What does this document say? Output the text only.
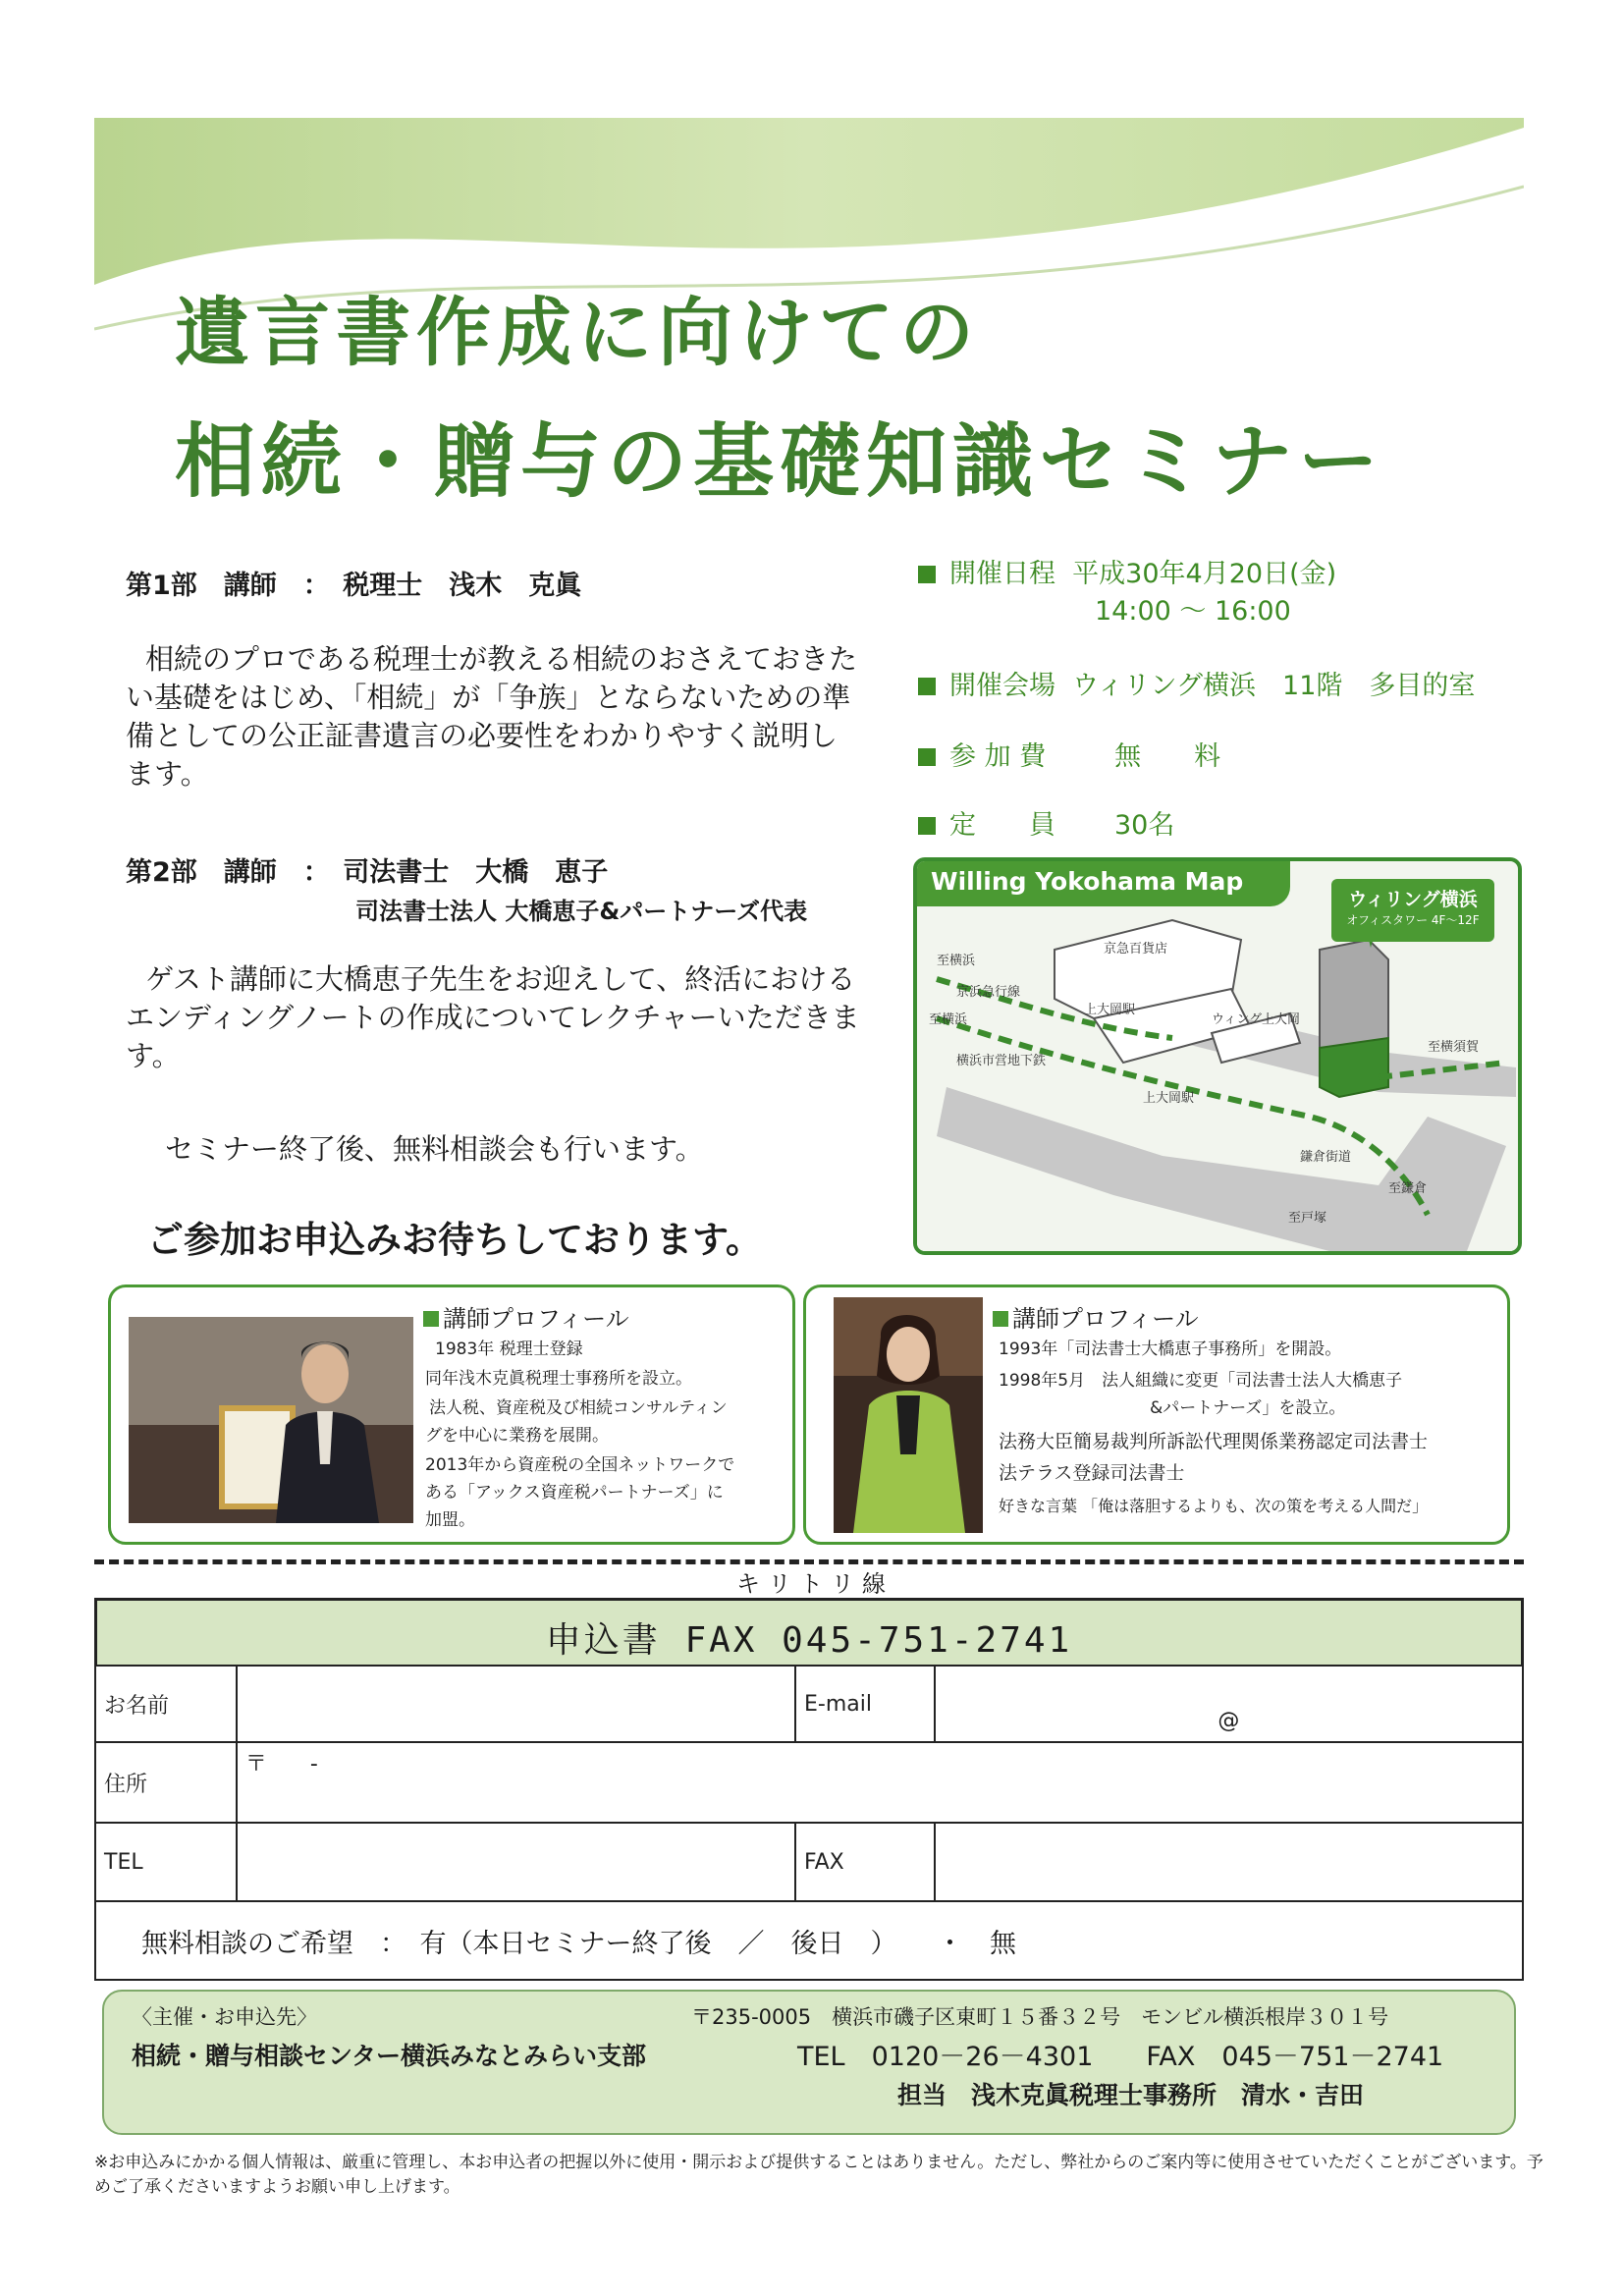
遺言書作成に向けての
相続・贈与の基礎知識セミナー
第1部　講師　：　税理士　浅木　克眞
相続のプロである税理士が教える相続のおさえておきたい基礎をはじめ、「相続」が「争族」とならないための準備としての公正証書遺言の必要性をわかりやすく説明します。
第2部　講師　：　司法書士　大橋　恵子
司法書士法人 大橋恵子&パートナーズ代表
ゲスト講師に大橋恵子先生をお迎えして、終活におけるエンディングノートの作成についてレクチャーいただきます。
セミナー終了後、無料相談会も行います。
ご参加お申込みお待ちしております。
開催日程 平成30年4月20日(金)
14:00 ～ 16:00
開催会場 ウィリング横浜　11階　多目的室
参 加 費	無　　料
定　　員 30名
Willing Yokohama Map
ウィリング横浜
オフィスタワー 4F～12F
至横浜
京浜急行線
至横浜
横浜市営地下鉄
京急百貨店
上大岡駅
ウィング上大岡
上大岡駅
至横須賀
鎌倉街道
至鎌倉
至戸塚
講師プロフィール
1983年 税理士登録
同年浅木克眞税理士事務所を設立。
法人税、資産税及び相続コンサルティン
グを中心に業務を展開。
2013年から資産税の全国ネットワークで
ある「アックス資産税パートナーズ」に
加盟。
講師プロフィール
1993年「司法書士大橋恵子事務所」を開設。
1998年5月　法人組織に変更「司法書士法人大橋恵子
&パートナーズ」を設立。
法務大臣簡易裁判所訴訟代理関係業務認定司法書士
法テラス登録司法書士
好きな言葉 「俺は落胆するよりも、次の策を考える人間だ」
キリトリ線
申込書 FAX 045-751-2741
お名前		E-mail	@
住所	〒　　-		
TEL		FAX	
無料相談のご希望　：　有（本日セミナー終了後　／　後日　）　　・　無			
〈主催・お申込先〉
相続・贈与相談センター横浜みなとみらい支部
〒235-0005　横浜市磯子区東町１５番３２号　モンビル横浜根岸３０１号
TEL　0120－26－4301　　FAX　045－751－2741
担当　浅木克眞税理士事務所　清水・吉田
※お申込みにかかる個人情報は、厳重に管理し、本お申込者の把握以外に使用・開示および提供することはありません。ただし、弊社からのご案内等に使用させていただくことがございます。予めご了承くださいますようお願い申し上げます。
